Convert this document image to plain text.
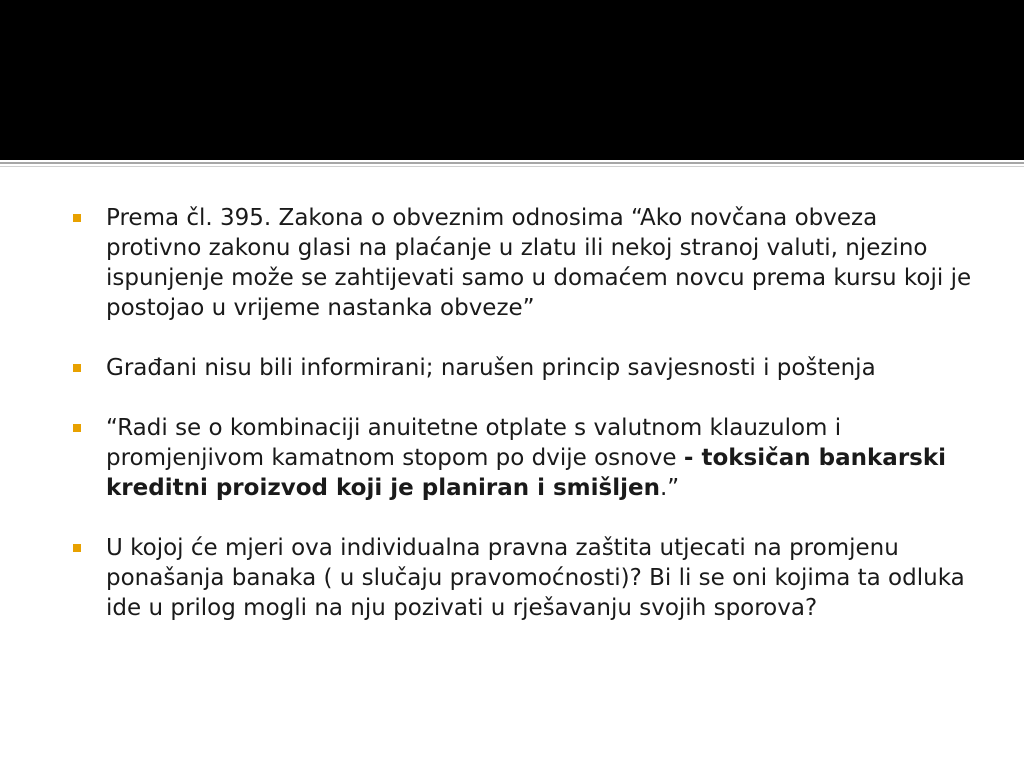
Prema čl. 395. Zakona o obveznim odnosima “Ako novčana obveza protivno zakonu glasi na plaćanje u zlatu ili nekoj stranoj valuti, njezino ispunjenje može se zahtijevati samo u domaćem novcu prema kursu koji je postojao u vrijeme nastanka obveze”
Građani nisu bili informirani; narušen princip savjesnosti i poštenja
“Radi se o kombinaciji anuitetne otplate s valutnom klauzulom i promjenjivom kamatnom stopom po dvije osnove - toksičan bankarski kreditni proizvod koji je planiran i smišljen.”
U kojoj će mjeri ova individualna pravna zaštita utjecati na promjenu ponašanja banaka ( u slučaju pravomoćnosti)? Bi li se oni kojima ta odluka ide u prilog mogli na nju pozivati u rješavanju svojih sporova?
